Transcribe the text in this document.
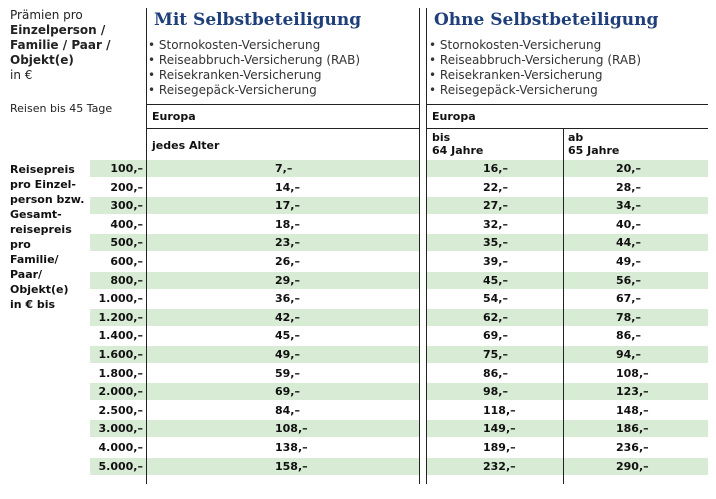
Prämien pro
Einzelperson /
Familie / Paar /
Objekt(e)
in €
Reisen bis 45 Tage
Mit Selbstbeteiligung
• Stornokosten-Versicherung
• Reiseabbruch-Versicherung (RAB)
• Reisekranken-Versicherung
• Reisegepäck-Versicherung
Europa
jedes Alter
Ohne Selbstbeteiligung
• Stornokosten-Versicherung
• Reiseabbruch-Versicherung (RAB)
• Reisekranken-Versicherung
• Reisegepäck-Versicherung
Europa
bis
64 Jahre
ab
65 Jahre
Reisepreis
pro Einzel-
person bzw.
Gesamt-
reisepreis
pro
Familie/
Paar/
Objekt(e)
in € bis
100,–	7,–	16,–	20,–
200,–	14,–	22,–	28,–
300,–	17,–	27,–	34,–
400,–	18,–	32,–	40,–
500,–	23,–	35,–	44,–
600,–	26,–	39,–	49,–
800,–	29,–	45,–	56,–
1.000,–	36,–	54,–	67,–
1.200,–	42,–	62,–	78,–
1.400,–	45,–	69,–	86,–
1.600,–	49,–	75,–	94,–
1.800,–	59,–	86,–	108,–
2.000,–	69,–	98,–	123,–
2.500,–	84,–	118,–	148,–
3.000,–	108,–	149,–	186,–
4.000,–	138,–	189,–	236,–
5.000,–	158,–	232,–	290,–
